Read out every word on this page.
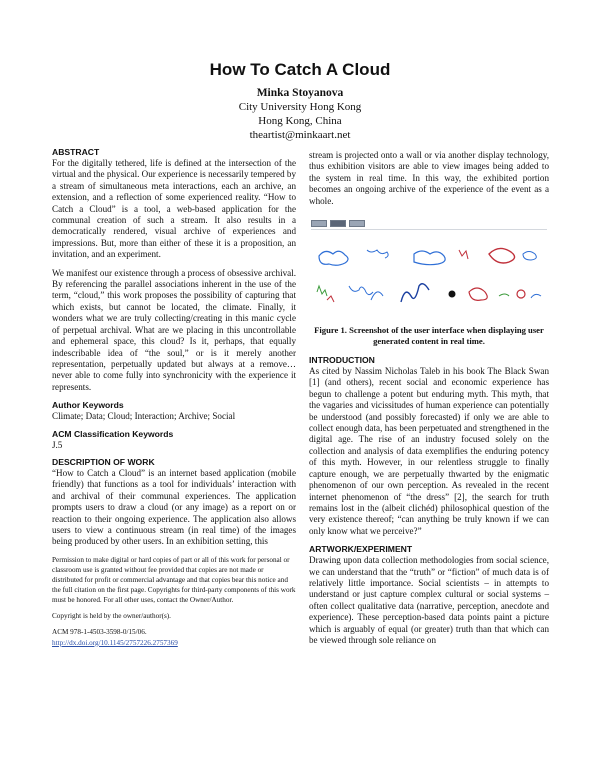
How To Catch A Cloud
Minka Stoyanova
City University Hong Kong
Hong Kong, China
theartist@minkaart.net

ABSTRACT

For the digitally tethered, life is defined at the intersection of the virtual and the physical. Our experience is necessarily tempered by a stream of simultaneous meta interactions, each an archive, an extension, and a reflection of some experienced reality. “How to Catch a Cloud” is a tool, a web-based application for the communal creation of such a stream. It also results in a democratically rendered, visual archive of experiences and impressions. But, more than either of these it is a proposition, an invitation, and an experiment.

We manifest our existence through a process of obsessive archival. By referencing the parallel associations inherent in the use of the term, “cloud,” this work proposes the possibility of capturing that which exists, but cannot be located, the climate. Finally, it wonders what we are truly collecting/creating in this manic cycle of perpetual archival. What are we placing in this uncontrollable and ephemeral space, this cloud? Is it, perhaps, that equally indescribable idea of “the soul,” or is it merely another representation, perpetually updated but always at a remove… never able to come fully into synchronicity with the experience it represents.

Author Keywords

Climate; Data; Cloud; Interaction; Archive; Social

ACM Classification Keywords

J.5

DESCRIPTION OF WORK

“How to Catch a Cloud” is an internet based application (mobile friendly) that functions as a tool for individuals’ interaction with and archival of their communal experiences. The application prompts users to draw a cloud (or any image) as a report on or reaction to their ongoing experience. The application also allows users to view a continuous stream (in real time) of the images being produced by other users. In an exhibition setting, this

Permission to make digital or hard copies of part or all of this work for personal or classroom use is granted without fee provided that copies are not made or distributed for profit or commercial advantage and that copies bear this notice and the full citation on the first page. Copyrights for third-party components of this work must be honored. For all other uses, contact the Owner/Author.

Copyright is held by the owner/author(s).

ACM 978-1-4503-3598-0/15/06.
http://dx.doi.org/10.1145/2757226.2757369

stream is projected onto a wall or via another display technology, thus exhibition visitors are able to view images being added to the system in real time. In this way, the exhibited portion becomes an ongoing archive of the experience of the event as a whole.

Figure 1. Screenshot of the user interface when displaying user generated content in real time.

INTRODUCTION

As cited by Nassim Nicholas Taleb in his book The Black Swan [1] (and others), recent social and economic experience has begun to challenge a potent but enduring myth. This myth, that the vagaries and vicissitudes of human experience can potentially be understood (and possibly forecasted) if only we are able to collect enough data, has been perpetuated and strengthened in the digital age. The rise of an industry focused solely on the collection and analysis of data exemplifies the enduring potency of this myth. However, in our relentless struggle to finally capture enough, we are perpetually thwarted by the enigmatic phenomenon of our own perception. As revealed in the recent internet phenomenon of “the dress” [2], the search for truth remains lost in the (albeit clichéd) philosophical question of the very existence thereof; “can anything be truly known if we can only know what we perceive?”

ARTWORK/EXPERIMENT

Drawing upon data collection methodologies from social science, we can understand that the “truth” or “fiction” of much data is of relatively little importance. Social scientists – in attempts to understand or just capture complex cultural or social systems – often collect qualitative data (narrative, perception, anecdote and experience). These perception-based data points paint a picture which is arguably of equal (or greater) truth than that which can be viewed through sole reliance on
